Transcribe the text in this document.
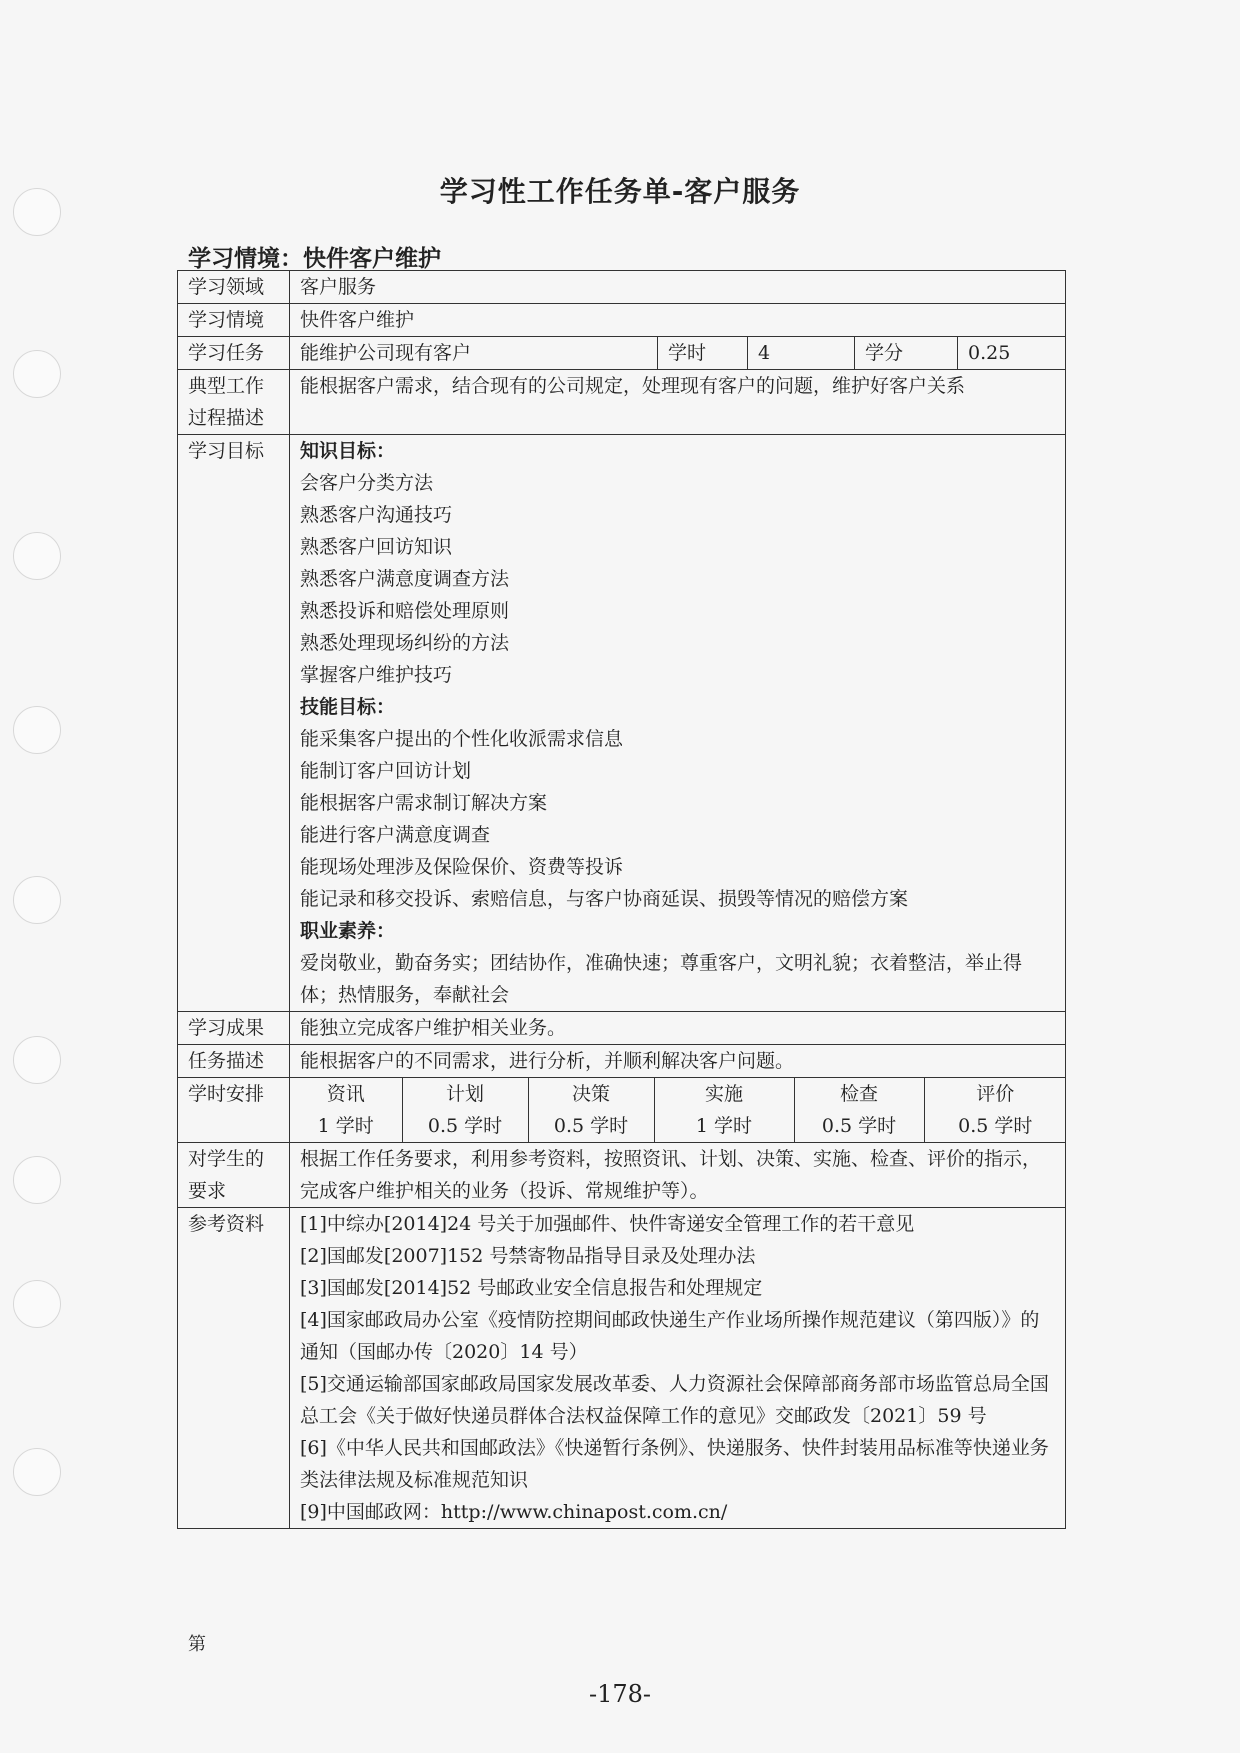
学习性工作任务单-客户服务
学习情境：快件客户维护
学习领域	客户服务
学习情境	快件客户维护
学习任务	能维护公司现有客户	学时	4	学分	0.25

典型工作
过程描述
	能根据客户需求，结合现有的公司规定，处理现有客户的问题，维护好客户关系
学习目标	知识目标：
会客户分类方法
熟悉客户沟通技巧
熟悉客户回访知识
熟悉客户满意度调查方法
熟悉投诉和赔偿处理原则
熟悉处理现场纠纷的方法
掌握客户维护技巧
技能目标：
能采集客户提出的个性化收派需求信息
能制订客户回访计划
能根据客户需求制订解决方案
能进行客户满意度调查
能现场处理涉及保险保价、资费等投诉
能记录和移交投诉、索赔信息，与客户协商延误、损毁等情况的赔偿方案
职业素养：
爱岗敬业，勤奋务实；团结协作，准确快速；尊重客户，文明礼貌；衣着整洁，举止得体；热情服务，奉献社会

学习成果	能独立完成客户维护相关业务。
任务描述	能根据客户的不同需求，进行分析，并顺利解决客户问题。
学时安排		资讯	计划	决策	实施	检查	评价
1 学时	0.5 学时	0.5 学时	1 学时	0.5 学时	0.5 学时

对学生的
要求
	根据工作任务要求，利用参考资料，按照资讯、计划、决策、实施、检查、评价的指示，完成客户维护相关的业务（投诉、常规维护等）。
参考资料	[1]中综办[2014]24 号关于加强邮件、快件寄递安全管理工作的若干意见
[2]国邮发[2007]152 号禁寄物品指导目录及处理办法
[3]国邮发[2014]52 号邮政业安全信息报告和处理规定
[4]国家邮政局办公室《疫情防控期间邮政快递生产作业场所操作规范建议（第四版）》的通知（国邮办传〔2020〕14 号）
[5]交通运输部国家邮政局国家发展改革委、人力资源社会保障部商务部市场监管总局全国总工会《关于做好快递员群体合法权益保障工作的意见》交邮政发〔2021〕59 号
[6]《中华人民共和国邮政法》《快递暂行条例》、快递服务、快件封装用品标准等快递业务类法律法规及标准规范知识
[9]中国邮政网：http://www.chinapost.com.cn/
第
-178-
